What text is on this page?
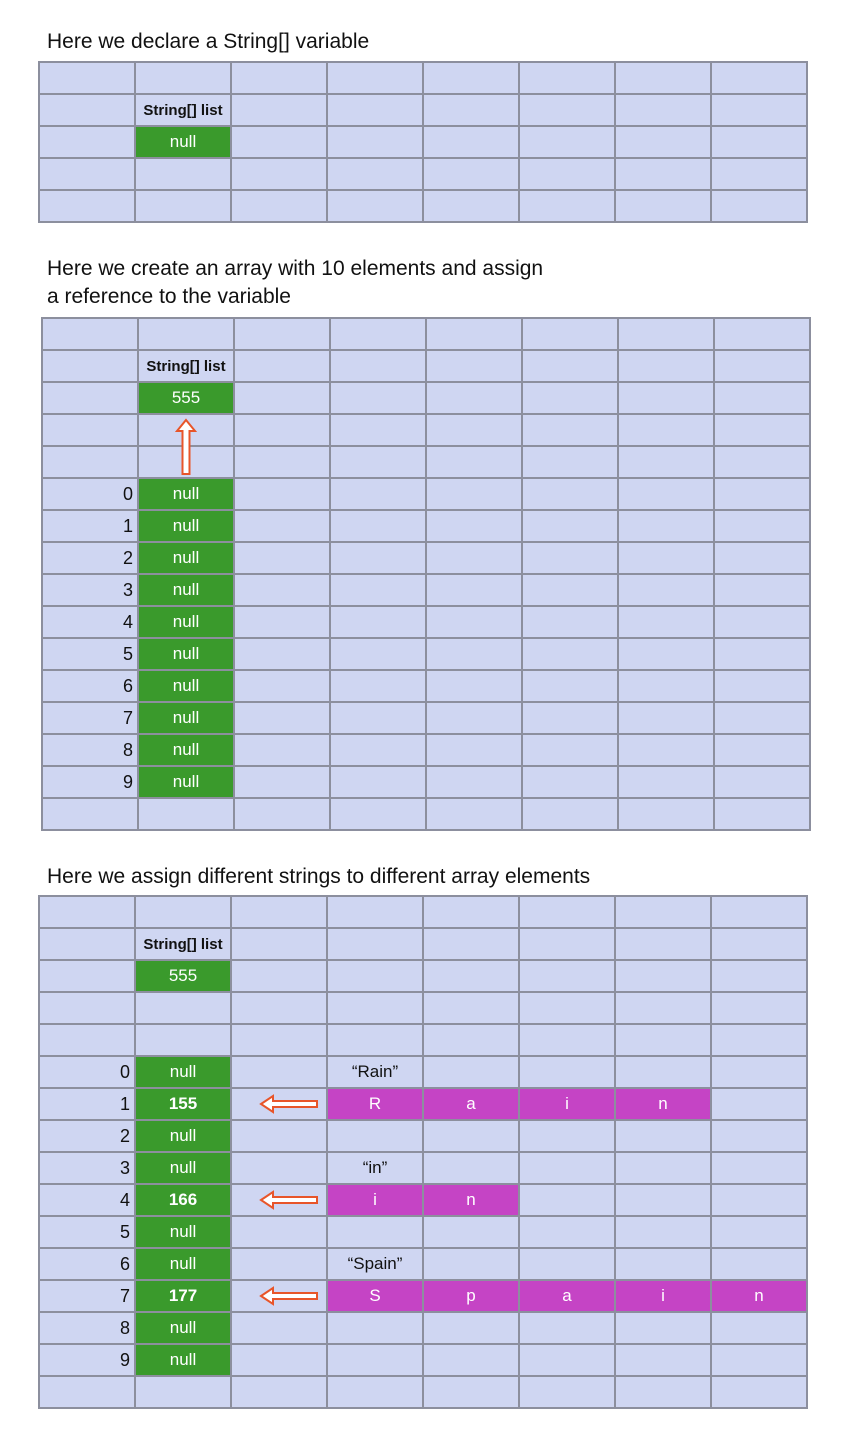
Here we declare a String[] variable
String[] list
null
Here we create an array with 10 elements and assign
a reference to the variable
String[] list
555
0	null
1	null
2	null
3	null
4	null
5	null
6	null
7	null
8	null
9	null
Here we assign different strings to different array elements
String[] list
555
0	null	“Rain”
1	155	R	a	i	n
2	null
3	null	“in”
4	166	i	n
5	null
6	null	“Spain”
7	177	S	p	a	i	n
8	null
9	null
